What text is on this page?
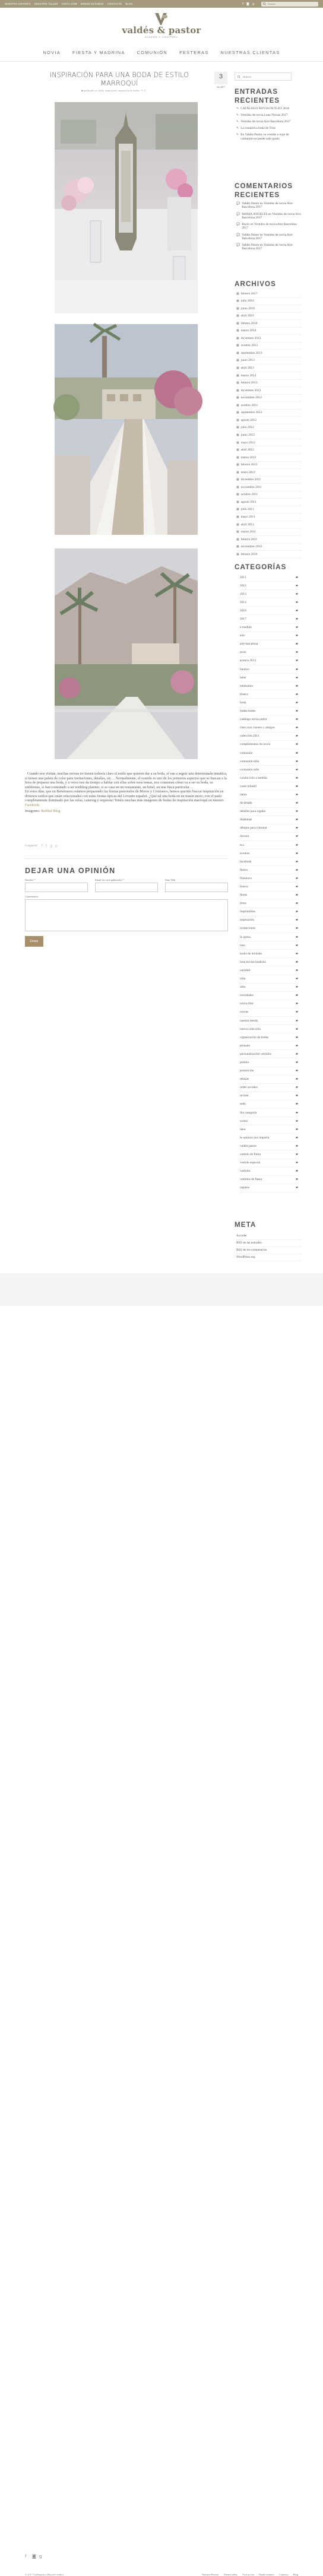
NUESTRA HISTORIA NUESTRO TALLER VISÍTA.COM DONDE ESTAMOS CONTACTO BLOG	f ◙ g	Search
valdés & pastor
DISEÑO Y COSTURA
NOVIA	FIESTA Y MADRINA	COMUNIÓN	FESTERAS	NUESTRAS CLIENTAS
INSPIRACIÓN PARA UNA BODA DE ESTILO MARROQUÍ
▪ publicado en: boda, inspiración, inspiración de bodas / ✎ 0
3
feb 2017

Cuando nos visitan, muchas novias no tienen todavía claro el estilo que quieren dar a su boda, si van a seguir una determinada temática, si tienen una paleta de color para invitaciones, detalles, etc… Normalmente, el vestido es uno de los primeros aspectos que se buscan a la hora de preparar una boda, y a veces nos da tiempo a hablar con ellas sobre esos temas, nos comentan cómo va a ser su boda, su emblemas, si han contratado a un wedding planner, si se casa en un restaurante, un hotel, en una finca particular…
En estos días, que en Benetusera estamos preparando las fiestas patronales de Moros y Cristianos, hemos querido buscar inspiración en diversos estilos que están relacionados con estas fiestas típicas del Levante español. ¿Qué tal una boda en un trasen moro, con el patio completamente iluminado por las velas, catering y orquesta! Tenéis muchas más imágenes de bodas de inspiración marroquí en nuestro Facebook.

Imágenes: Ruffled Blog

Compartir: f t g p
DEJAR UNA OPINIÓN
Nombre *	Email (no será publicado) *	Sitio Web
Comentarios
Enviar
Buscar
ENTRADAS RECIENTES
✎ CATÁLOGO NOVIA OUTLET 2018
✎ Vestidos de novia Luna Novias 2017
✎ Vestidos de novia Aire Barcelona 2017
✎ La romántica boda de Trini
✎ En Valdés Pastor, tu vestido o traje de comunión se puede salir gratis
COMENTARIOS RECIENTES
💬 Valdés Pastor en Vestidos de novia Aire Barcelona 2017
💬 MARIA ANGELES en Vestidos de novia Aire Barcelona 2017
💬 Rocío en Vestidos de novia Aire Barcelona 2017
💬 Valdés Pastor en Vestidos de novia Aire Barcelona 2017
💬 Valdés Pastor en Vestidos de novia Aire Barcelona 2017
ARCHIVOS
▦ febrero 2017
▦ julio 2016
▦ junio 2016
▦ abril 2016
▦ febrero 2016
▦ marzo 2014
▦ diciembre 2013
▦ octubre 2013
▦ septiembre 2013
▦ junio 2013
▦ abril 2013
▦ marzo 2013
▦ febrero 2013
▦ diciembre 2012
▦ noviembre 2012
▦ octubre 2012
▦ septiembre 2012
▦ agosto 2012
▦ julio 2012
▦ junio 2012
▦ mayo 2012
▦ abril 2012
▦ marzo 2012
▦ febrero 2012
▦ enero 2012
▦ diciembre 2011
▦ noviembre 2011
▦ octubre 2011
▦ agosto 2011
▦ julio 2011
▦ mayo 2011
▦ abril 2011
▦ marzo 2011
▦ febrero 2011
▦ noviembre 2010
▦ febrero 2010
CATEGORÍAS
2011	▰
2012	▰
2013	▰
2014	▰
2016	▰
2017	▰
a medida	▰
aire	▰
aire barcelona	▰
arras	▰
avance 2013	▰
bautizo	▰
bebé	▰
betelzama	▰
blanco	▰
boda	▰
bodas reales	▰
catálogo novia outlet	▰
claro ruiz clavero y amigos	▰
colección 2011	▰
complementos de novia	▰
comunión	▰
comunión niña	▰
comunión niño	▰
conducción a medida	▰
coste infantil	▰
dama	▰
de detalle	▰
detalles para regalar	▰
diademas	▰
dibujos para colorear	▰
doriani	▰
ecz	▰
eventos	▰
facebook	▰
fieltro	▰
flamenco	▰
fonera	▰
flores	▰
fotos	▰
imprimibles	▰
inspiración	▰
invitaciones	▰
la xposa	▰
lazo	▰
looks de invitada	▰
luna novias madrina	▰
navidad	▰
niña	▰
niño	▰
novedades	▰
novia d'art	▰
novias	▰
nuestra tienda	▰
nueva colección	▰
organización de bodas	▰
peinado	▰
personalización vestidos	▰
premio	▰
promoción	▰
rebajas	▰
redes sociales	▰
revista	▰
seda	▰
Sin categoría	▰
sorteo	▰
tiara	▰
tu opinion nos importa	▰
valdés pastor	▰
vestido de fiesta	▰
vestido especial	▰
vestidos	▰
vestidos de fiesta	▰
zapatos	▰
META
Acceder
RSS de las entradas
RSS de los comentarios
WordPress.org
f ◙ g
© 2017 Valdéspastor (Bucotel studio)	Nuestra Historia Nuestro taller Visít tu cita Donde estamos Contacto Blog
